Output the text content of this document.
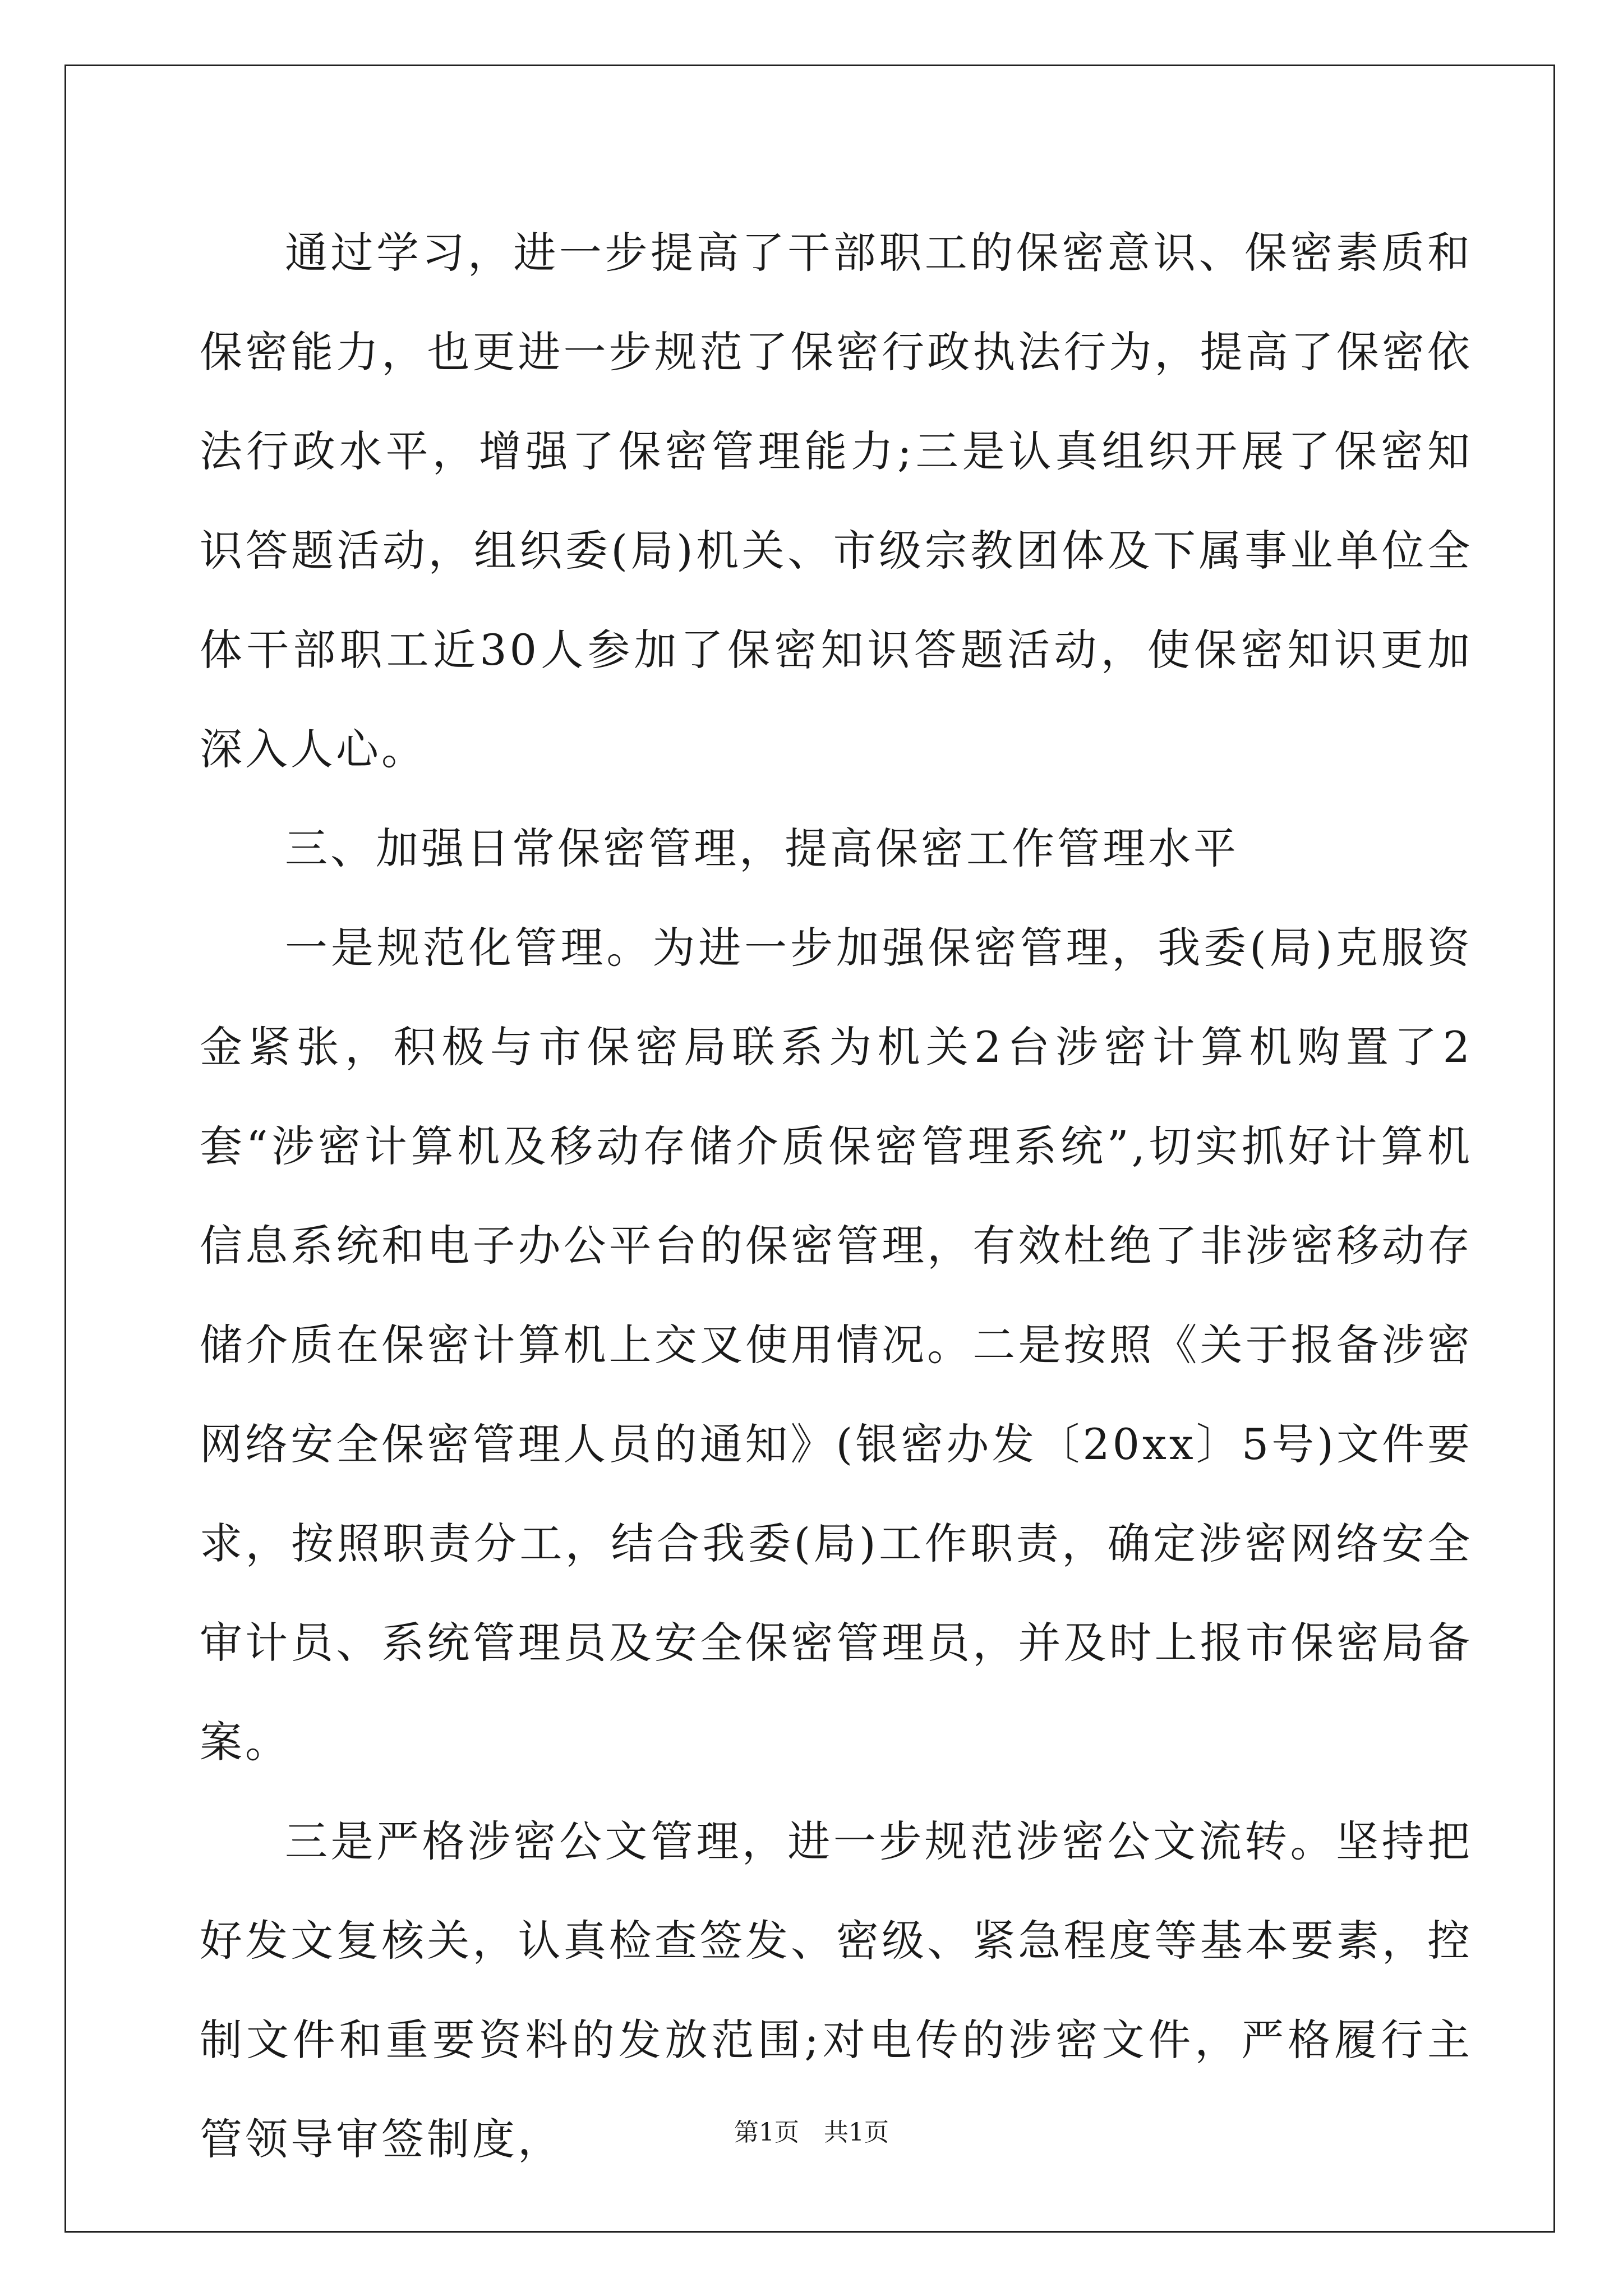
通过学习，进一步提高了干部职工的保密意识、保密素质和保密能力，也更进一步规范了保密行政执法行为，提高了保密依法行政水平，增强了保密管理能力;三是认真组织开展了保密知识答题活动，组织委(局)机关、市级宗教团体及下属事业单位全体干部职工近30人参加了保密知识答题活动，使保密知识更加深入人心。

三、加强日常保密管理，提高保密工作管理水平

一是规范化管理。为进一步加强保密管理，我委(局)克服资金紧张，积极与市保密局联系为机关2台涉密计算机购置了2套“涉密计算机及移动存储介质保密管理系统”,切实抓好计算机信息系统和电子办公平台的保密管理，有效杜绝了非涉密移动存储介质在保密计算机上交叉使用情况。二是按照《关于报备涉密网络安全保密管理人员的通知》(银密办发〔20xx〕5号)文件要求，按照职责分工，结合我委(局)工作职责，确定涉密网络安全审计员、系统管理员及安全保密管理员，并及时上报市保密局备案。

三是严格涉密公文管理，进一步规范涉密公文流转。坚持把好发文复核关，认真检查签发、密级、紧急程度等基本要素，控制文件和重要资料的发放范围;对电传的涉密文件，严格履行主管领导审签制度，	第1页　共1页
